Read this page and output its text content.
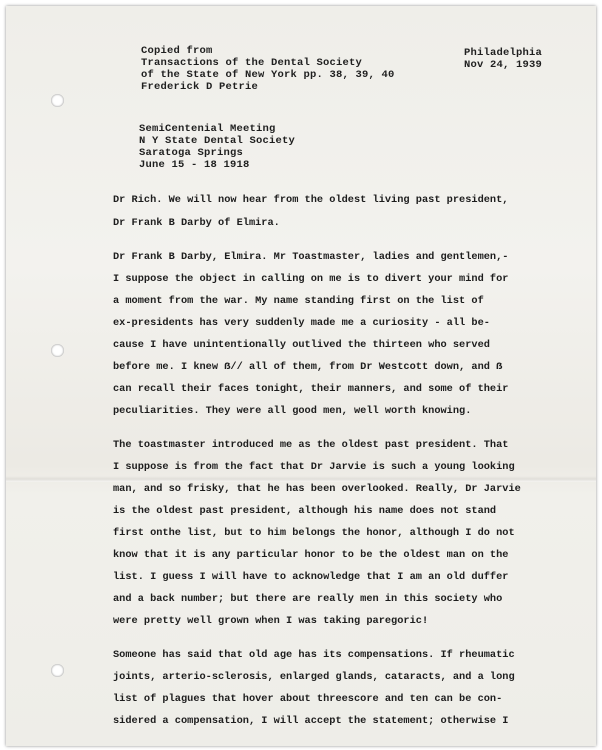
Copied from
Transactions of the Dental Society
of the State of New York pp. 38, 39, 40
Frederick D Petrie
Philadelphia
Nov 24, 1939
SemiCentenial Meeting
N Y State Dental Society
Saratoga Springs
June 15 - 18 1918
Dr Rich. We will now hear from the oldest living past president,
Dr Frank B Darby of Elmira.
Dr Frank B Darby, Elmira. Mr Toastmaster, ladies and gentlemen,-
I suppose the object in calling on me is to divert your mind for
a moment from the war. My name standing first on the list of
ex-presidents has very suddenly made me a curiosity - all be-
cause I have unintentionally outlived the thirteen who served
before me. I knew ẞ// all of them, from Dr Westcott down, and ẞ
can recall their faces tonight, their manners, and some of their
peculiarities. They were all good men, well worth knowing.
The toastmaster introduced me as the oldest past president. That
I suppose is from the fact that Dr Jarvie is such a young looking
man, and so frisky, that he has been overlooked. Really, Dr Jarvie
is the oldest past president, although his name does not stand
first onthe list, but to him belongs the honor, although I do not
know that it is any particular honor to be the oldest man on the
list. I guess I will have to acknowledge that I am an old duffer
and a back number; but there are really men in this society who
were pretty well grown when I was taking paregoric!
Someone has said that old age has its compensations. If rheumatic
joints, arterio-sclerosis, enlarged glands, cataracts, and a long
list of plagues that hover about threescore and ten can be con-
sidered a compensation, I will accept the statement; otherwise I
